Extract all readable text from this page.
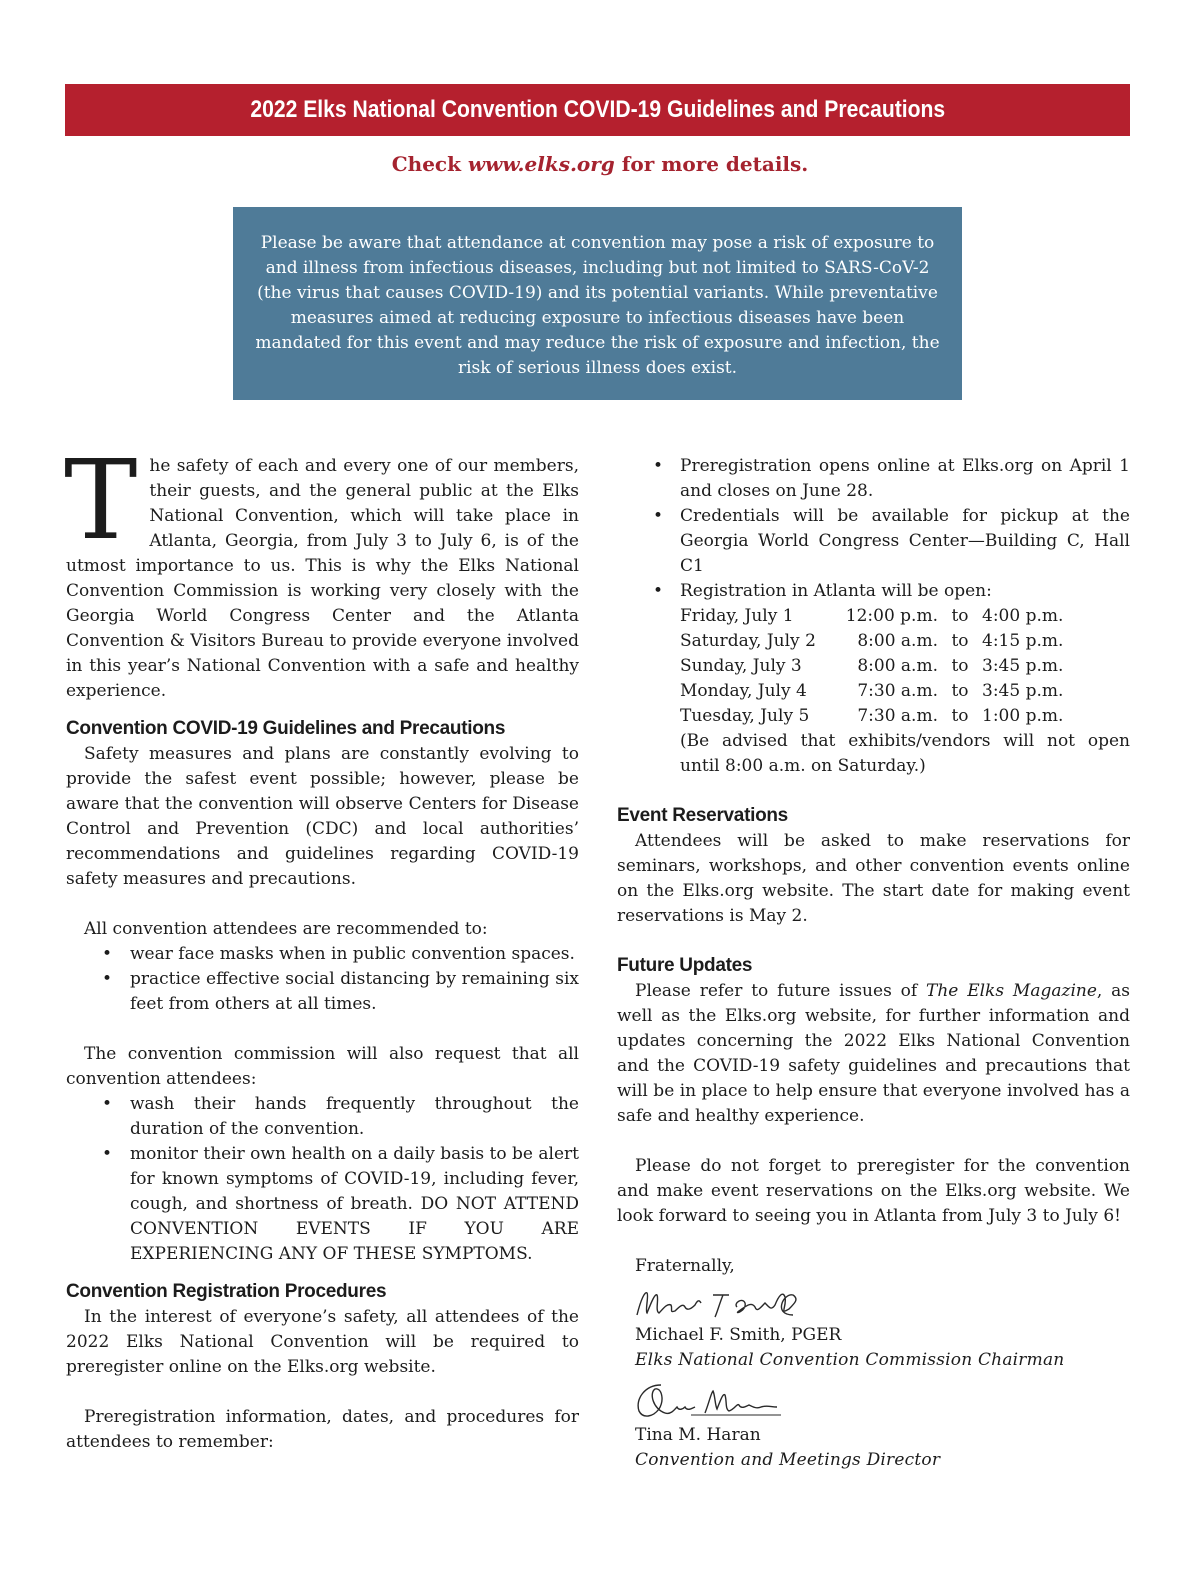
2022 Elks National Convention COVID-19 Guidelines and Precautions
Check www.elks.org for more details.

Please be aware that attendance at convention may pose a risk of exposure to and illness from infectious diseases, including but not limited to SARS-CoV-2 (the virus that causes COVID-19) and its potential variants. While preventative measures aimed at reducing exposure to infectious diseases have been mandated for this event and may reduce the risk of exposure and infection, the risk of serious illness does exist.

The safety of each and every one of our members, their guests, and the general public at the Elks National Convention, which will take place in Atlanta, Georgia, from July 3 to July 6, is of the utmost importance to us. This is why the Elks National Convention Commission is working very closely with the Georgia World Congress Center and the Atlanta Convention & Visitors Bureau to provide everyone involved in this year’s National Convention with a safe and healthy experience.

Convention COVID-19 Guidelines and Precautions

Safety measures and plans are constantly evolving to provide the safest event possible; however, please be aware that the convention will observe Centers for Disease Control and Prevention (CDC) and local authorities’ recommendations and guidelines regarding COVID-19 safety measures and precautions.

All convention attendees are recommended to:

• wear face masks when in public convention spaces.
• practice effective social distancing by remaining six feet from others at all times.

The convention commission will also request that all convention attendees:

• wash their hands frequently throughout the duration of the convention.
• monitor their own health on a daily basis to be alert for known symptoms of COVID-19, including fever, cough, and shortness of breath. DO NOT ATTEND CONVENTION EVENTS IF YOU ARE EXPERIENCING ANY OF THESE SYMPTOMS.
Convention Registration Procedures

In the interest of everyone’s safety, all attendees of the 2022 Elks National Convention will be required to preregister online on the Elks.org website.

Preregistration information, dates, and procedures for attendees to remember:

• Preregistration opens online at Elks.org on April 1 and closes on June 28.
• Credentials will be available for pickup at the Georgia World Congress Center—Building C, Hall C1
• Registration in Atlanta will be open:
Friday, July 1	12:00 p.m.	to	4:00 p.m.
Saturday, July 2	8:00 a.m.	to	4:15 p.m.
Sunday, July 3	8:00 a.m.	to	3:45 p.m.
Monday, July 4	7:30 a.m.	to	3:45 p.m.
Tuesday, July 5	7:30 a.m.	to	1:00 p.m.

(Be advised that exhibits/vendors will not open until 8:00 a.m. on Saturday.)

Event Reservations

Attendees will be asked to make reservations for seminars, workshops, and other convention events online on the Elks.org website. The start date for making event reservations is May 2.

Future Updates

Please refer to future issues of The Elks Magazine, as well as the Elks.org website, for further information and updates concerning the 2022 Elks National Convention and the COVID-19 safety guidelines and precautions that will be in place to help ensure that everyone involved has a safe and healthy experience.

Please do not forget to preregister for the convention and make event reservations on the Elks.org website. We look forward to seeing you in Atlanta from July 3 to July 6!

Fraternally,

Michael F. Smith, PGER

Elks National Convention Commission Chairman

Tina M. Haran

Convention and Meetings Director
